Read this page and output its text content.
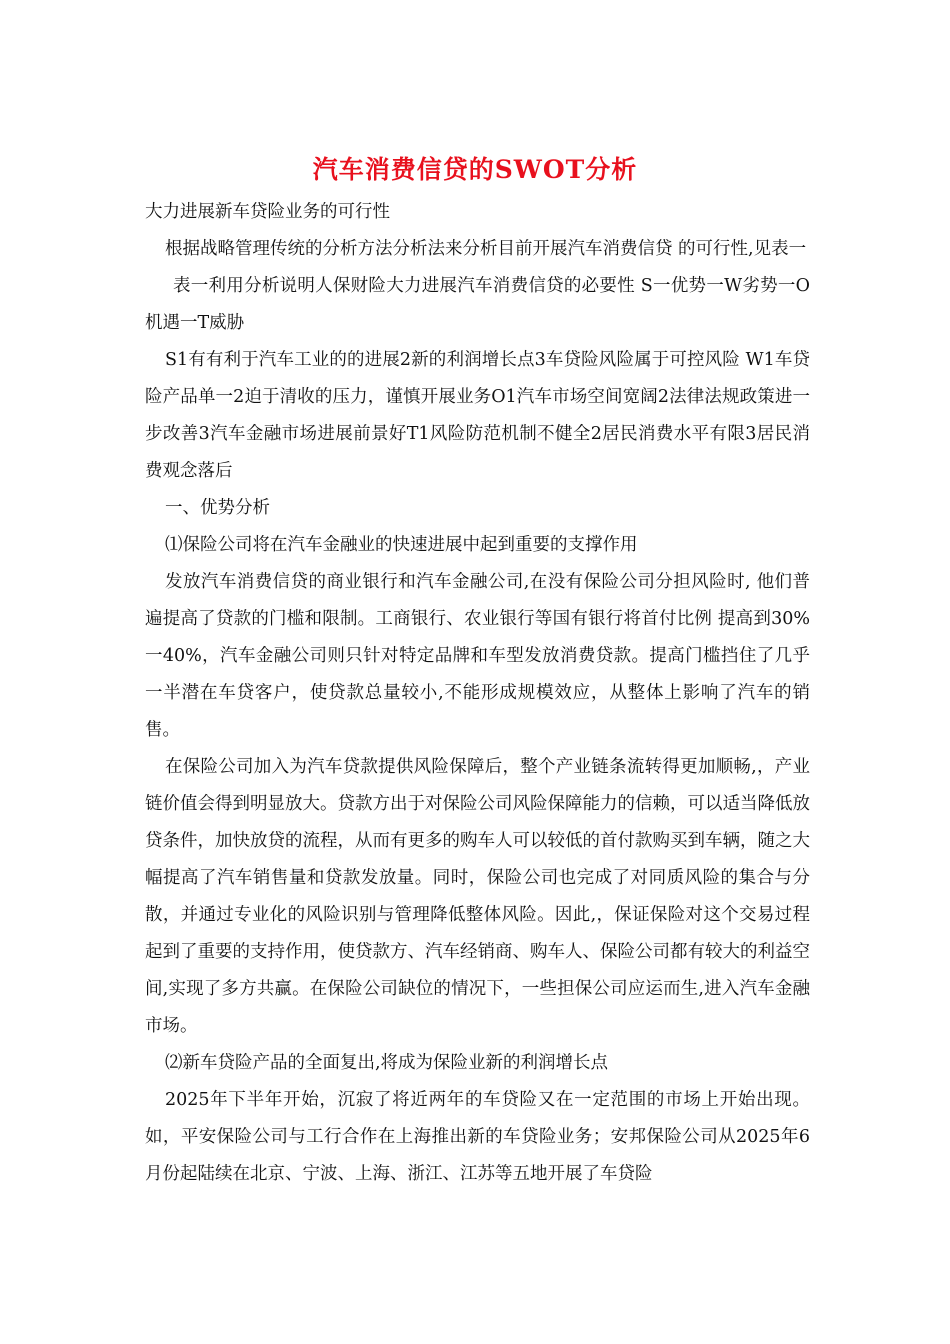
汽车消费信贷的SWOT分析

大力进展新车贷险业务的可行性

根据战略管理传统的分析方法分析法来分析目前开展汽车消费信贷 的可行性,见表一

表一利用分析说明人保财险大力进展汽车消费信贷的必要性 S一优势一W劣势一O机遇一T威胁

S1有有利于汽车工业的的进展2新的利润增长点3车贷险风险属于可控风险 W1车贷险产品单一2迫于清收的压力，谨慎开展业务O1汽车市场空间宽阔2法律法规政策进一步改善3汽车金融市场进展前景好T1风险防范机制不健全2居民消费水平有限3居民消费观念落后

一、优势分析

⑴保险公司将在汽车金融业的快速进展中起到重要的支撑作用

发放汽车消费信贷的商业银行和汽车金融公司,在没有保险公司分担风险时, 他们普遍提高了贷款的门槛和限制。工商银行、农业银行等国有银行将首付比例 提高到30%一40%，汽车金融公司则只针对特定品牌和车型发放消费贷款。提高门槛挡住了几乎一半潜在车贷客户，使贷款总量较小,不能形成规模效应，从整体上影响了汽车的销售。

在保险公司加入为汽车贷款提供风险保障后，整个产业链条流转得更加顺畅,，产业链价值会得到明显放大。贷款方出于对保险公司风险保障能力的信赖，可以适当降低放贷条件，加快放贷的流程，从而有更多的购车人可以较低的首付款购买到车辆，随之大幅提高了汽车销售量和贷款发放量。同时，保险公司也完成了对同质风险的集合与分散，并通过专业化的风险识别与管理降低整体风险。因此,，保证保险对这个交易过程起到了重要的支持作用，使贷款方、汽车经销商、购车人、保险公司都有较大的利益空间,实现了多方共赢。在保险公司缺位的情况下，一些担保公司应运而生,进入汽车金融市场。

⑵新车贷险产品的全面复出,将成为保险业新的利润增长点

2025年下半年开始，沉寂了将近两年的车贷险又在一定范围的市场上开始出现。如，平安保险公司与工行合作在上海推出新的车贷险业务；安邦保险公司从2025年6月份起陆续在北京、宁波、上海、浙江、江苏等五地开展了车贷险
